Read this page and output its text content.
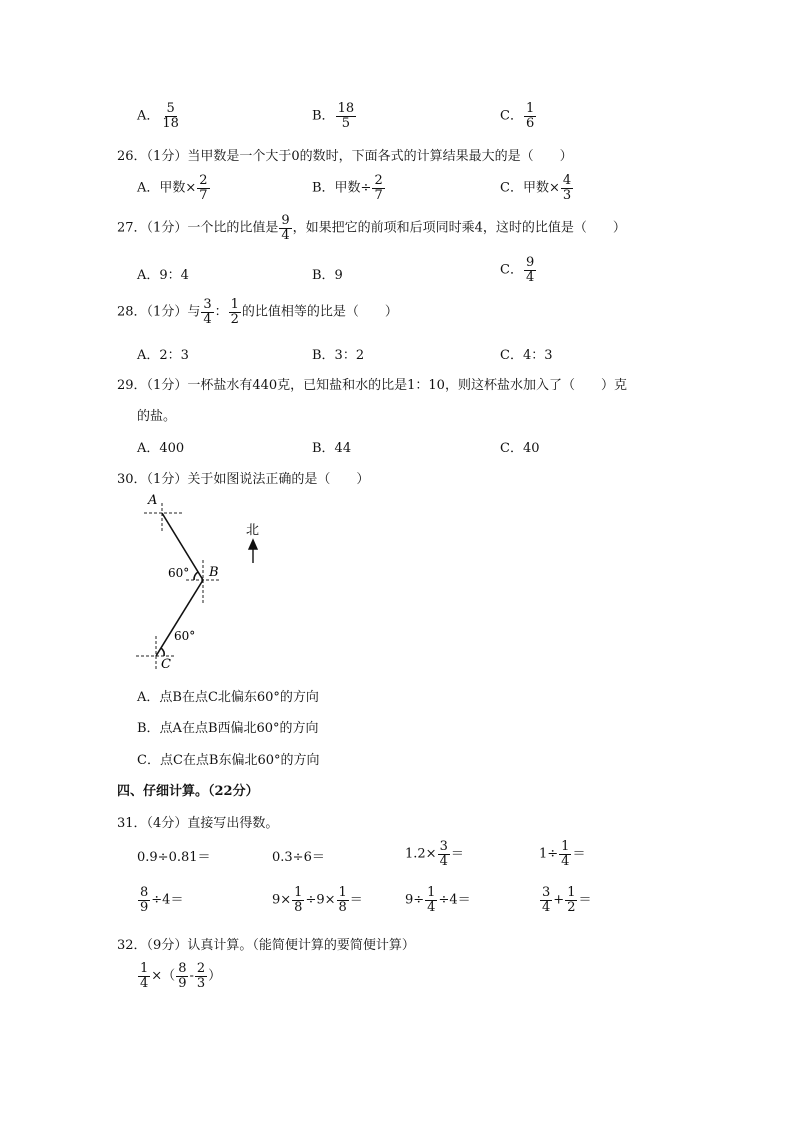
A． $\frac{5}{18}$	B． $\frac{18}{5}$	C． $\frac{1}{6}$
26．（1分）当甲数是一个大于0的数时，下面各式的计算结果最大的是（　　）
A．甲数× $\frac{2}{7}$	B．甲数÷ $\frac{2}{7}$	C．甲数× $\frac{4}{3}$
27．（1分）一个比的比值是 $\frac{9}{4}$ ，如果把它的前项和后项同时乘4，这时的比值是（　　）
A．9：4	B．9	C． $\frac{9}{4}$
28．（1分）与 $\frac{3}{4}$ ： $\frac{1}{2}$ 的比值相等的比是（　　）
A．2：3	B．3：2	C．4：3
29．（1分）一杯盐水有440克，已知盐和水的比是1：10，则这杯盐水加入了（　　）克
的盐。
A．400	B．44	C．40
30．（1分）关于如图说法正确的是（　　）
A
B
C
60°
60°
北
A．点B在点C北偏东60°的方向
B．点A在点B西偏北60°的方向
C．点C在点B东偏北60°的方向
四、仔细计算。（22分）
31．（4分）直接写出得数。
0.9÷0.81＝	0.3÷6＝	$1.2\times \frac{3}{4}$ ＝	$1\div \frac{1}{4}$ ＝
$\frac{8}{9} \div 4=$	$9\times \frac{1}{8} \div 9\times \frac{1}{8}$ ＝	$9\div \frac{1}{4} \div 4=$	$\frac{3}{4} + \frac{1}{2}$ ＝
32．（9分）认真计算。（能简便计算的要简便计算）
$\frac{1}{4}$ ×（ $\frac{8}{9} - \frac{2}{3}$ ）
